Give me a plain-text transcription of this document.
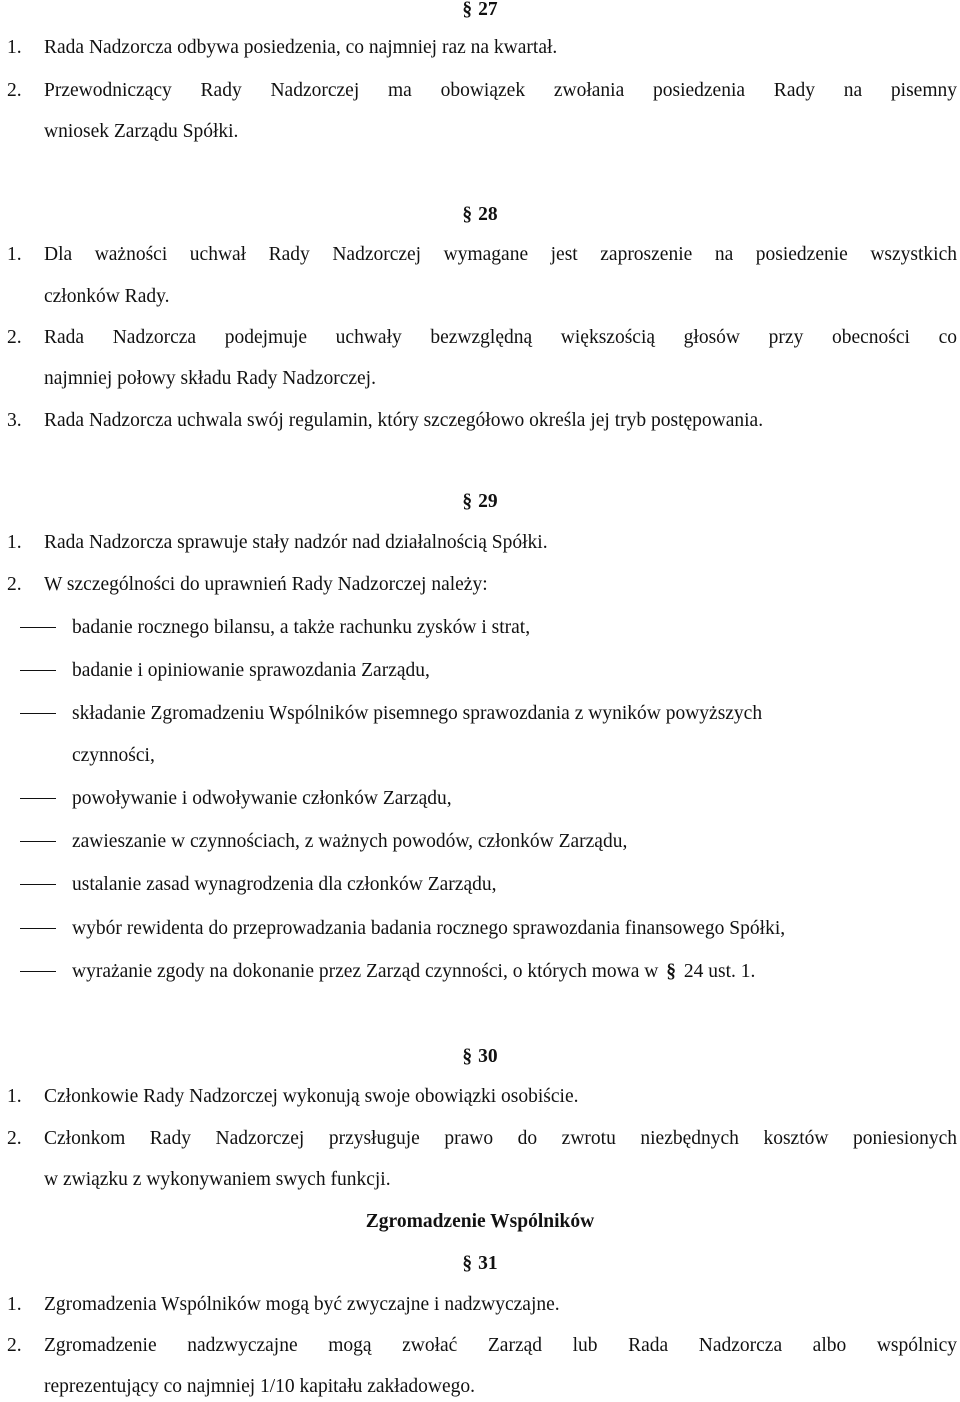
§ 27
1. Rada Nadzorcza odbywa posiedzenia, co najmniej raz na kwartał.
2. Przewodniczący Rady Nadzorczej ma obowiązek zwołania posiedzenia Rady na pisemny
wniosek Zarządu Spółki.
§ 28
1. Dla ważności uchwał Rady Nadzorczej wymagane jest zaproszenie na posiedzenie wszystkich
członków Rady.
2. Rada Nadzorcza podejmuje uchwały bezwzględną większością głosów przy obecności co
najmniej połowy składu Rady Nadzorczej.
3. Rada Nadzorcza uchwala swój regulamin, który szczegółowo określa jej tryb postępowania.
§ 29
1. Rada Nadzorcza sprawuje stały nadzór nad działalnością Spółki.
2. W szczególności do uprawnień Rady Nadzorczej należy:
badanie rocznego bilansu, a także rachunku zysków i strat,
badanie i opiniowanie sprawozdania Zarządu,
składanie Zgromadzeniu Wspólników pisemnego sprawozdania z wyników powyższych
czynności,
powoływanie i odwoływanie członków Zarządu,
zawieszanie w czynnościach, z ważnych powodów, członków Zarządu,
ustalanie zasad wynagrodzenia dla członków Zarządu,
wybór rewidenta do przeprowadzania badania rocznego sprawozdania finansowego Spółki,
wyrażanie zgody na dokonanie przez Zarząd czynności, o których mowa w § 24 ust. 1.
§ 30
1. Członkowie Rady Nadzorczej wykonują swoje obowiązki osobiście.
2. Członkom Rady Nadzorczej przysługuje prawo do zwrotu niezbędnych kosztów poniesionych
w związku z wykonywaniem swych funkcji.
Zgromadzenie Wspólników
§ 31
1. Zgromadzenia Wspólników mogą być zwyczajne i nadzwyczajne.
2. Zgromadzenie nadzwyczajne mogą zwołać Zarząd lub Rada Nadzorcza albo wspólnicy
reprezentujący co najmniej 1/10 kapitału zakładowego.
